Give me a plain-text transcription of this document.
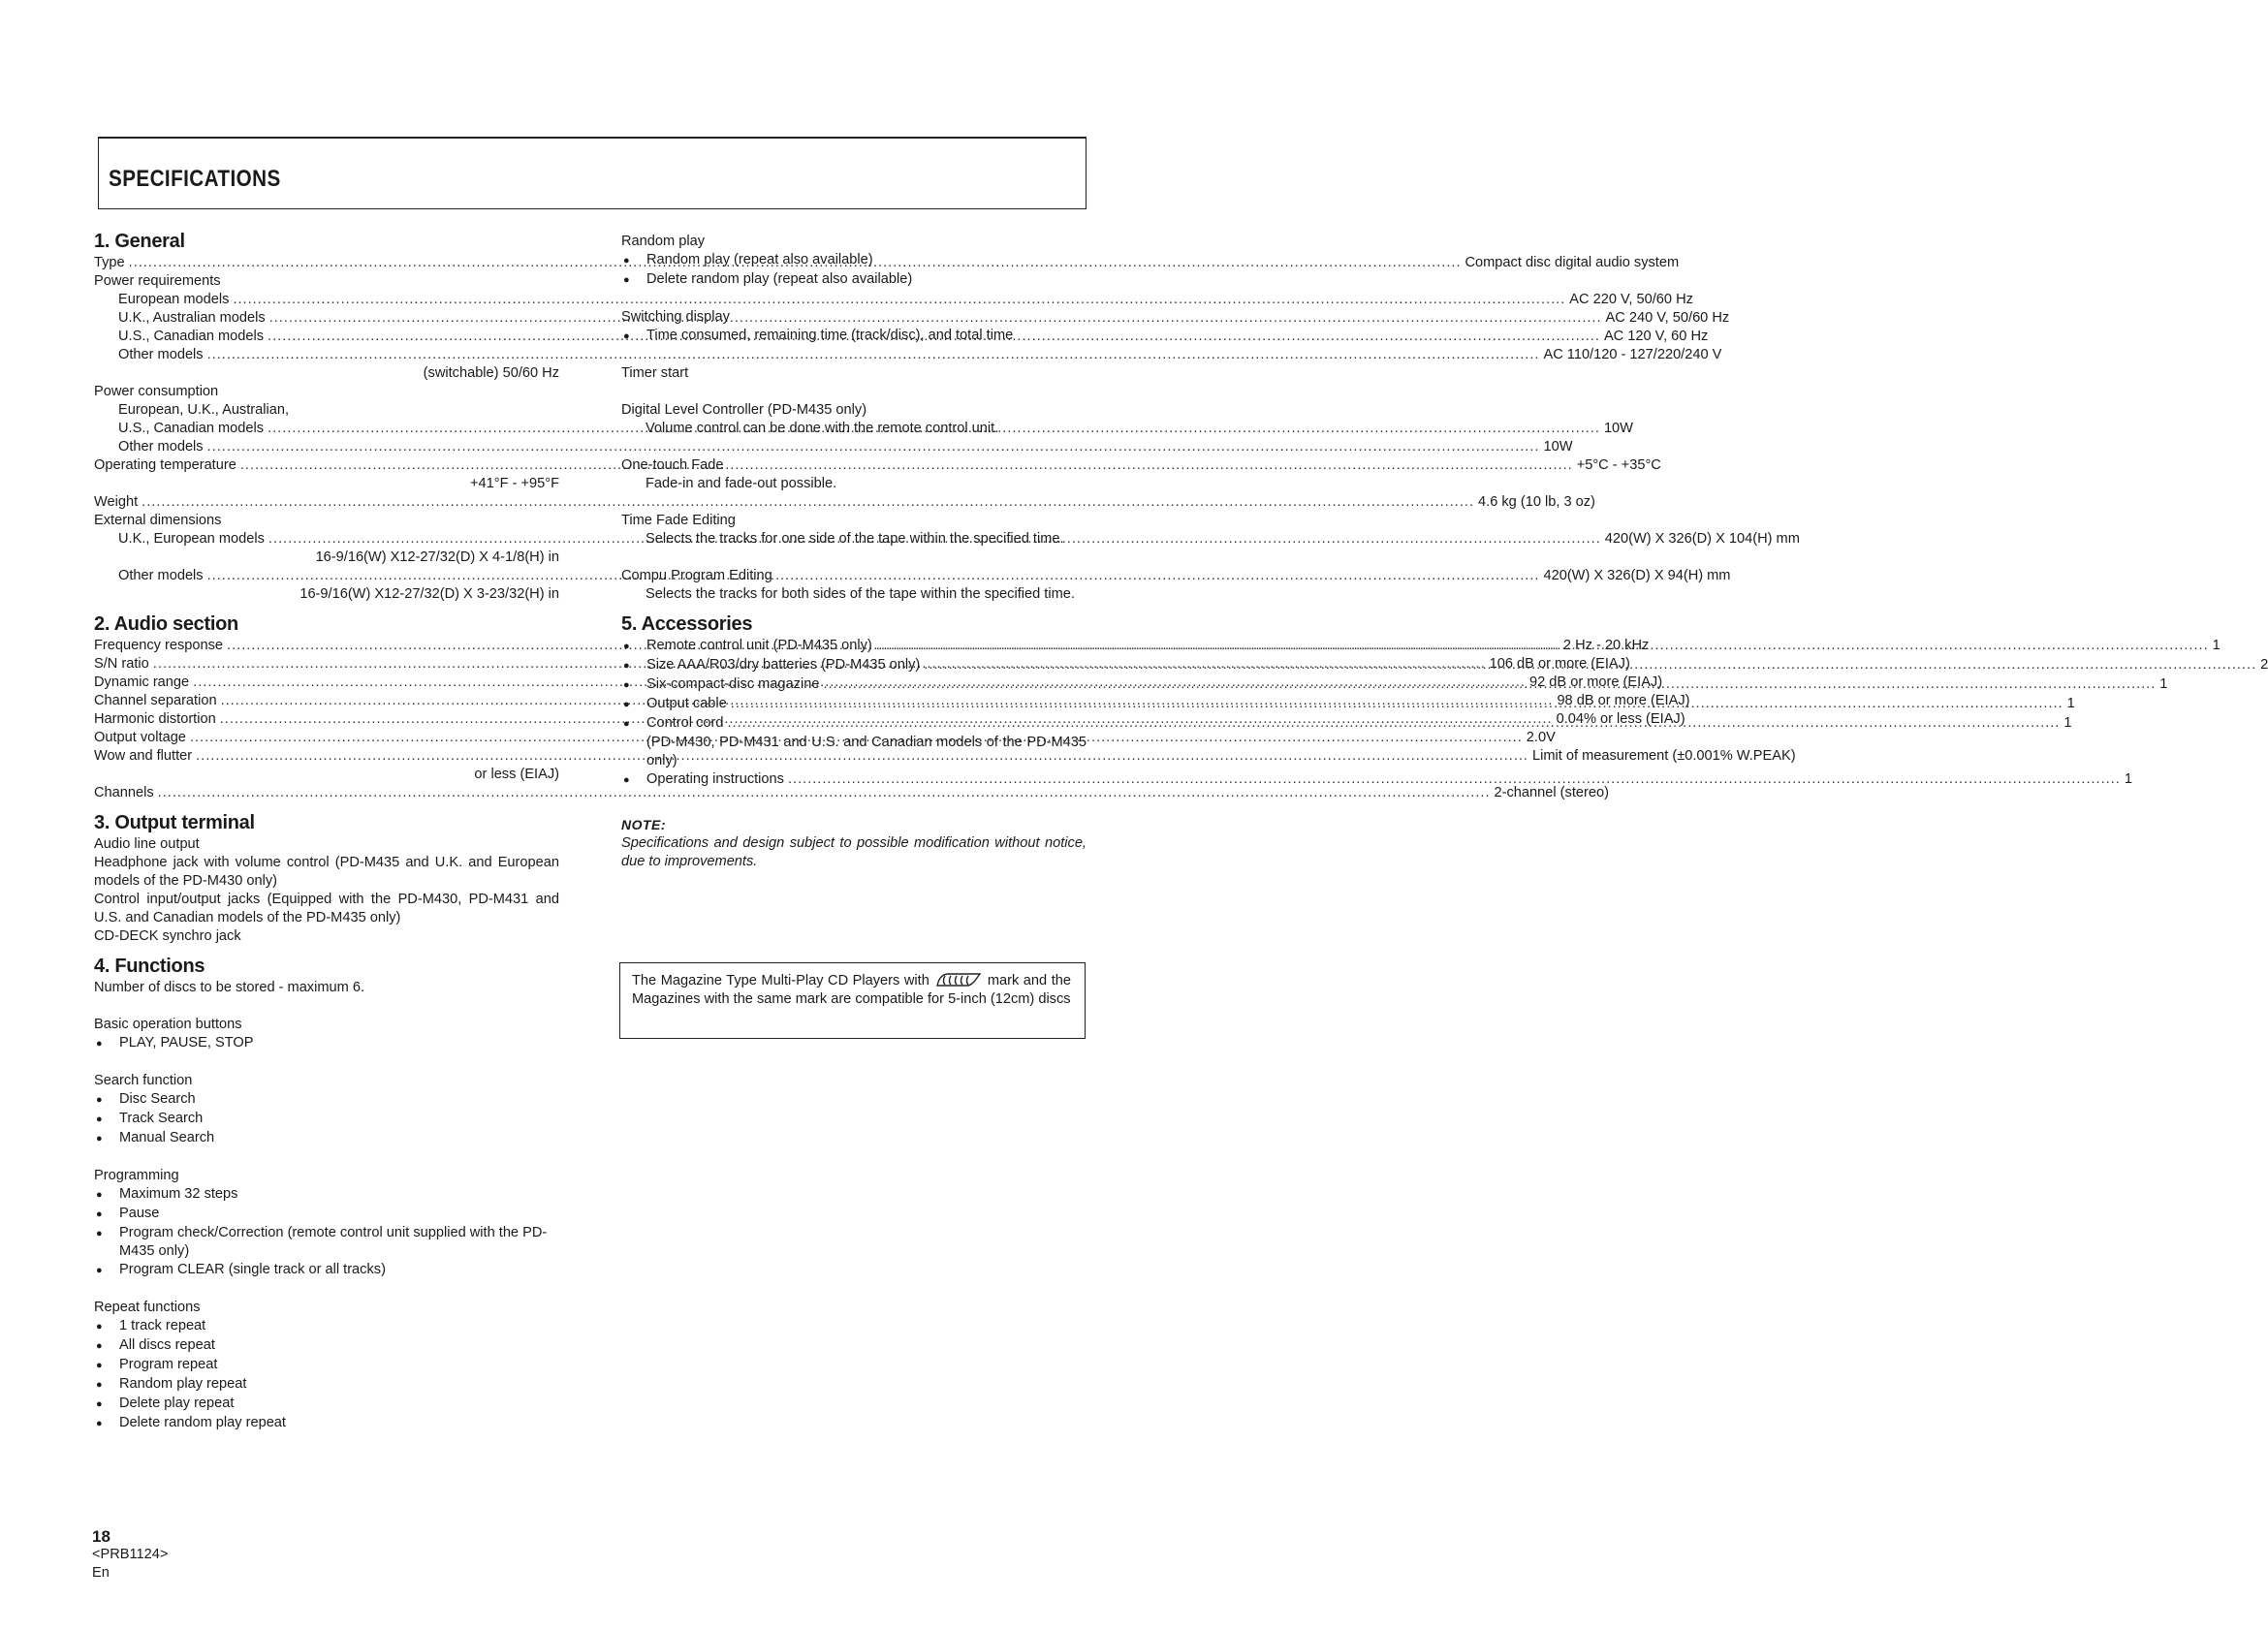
SPECIFICATIONS
1. General
Type .....	Compact disc digital audio system
Power requirements
European models .....	AC 220 V, 50/60 Hz
U.K., Australian models .....	AC 240 V, 50/60 Hz
U.S., Canadian models .....	AC 120 V, 60 Hz
Other models .....	AC 110/120 - 127/220/240 V
(switchable) 50/60 Hz
Power consumption
European, U.K., Australian,
U.S., Canadian models .....	10W
Other models .....	10W
Operating temperature .....	+5°C - +35°C
+41°F - +95°F
Weight .....	4.6 kg (10 lb, 3 oz)
External dimensions
U.K., European models .....	420(W) X 326(D) X 104(H) mm
16-9/16(W) X12-27/32(D) X 4-1/8(H) in
Other models .....	420(W) X 326(D) X 94(H) mm
16-9/16(W) X12-27/32(D) X 3-23/32(H) in
2. Audio section
Frequency response .....	2 Hz - 20 kHz
S/N ratio .....	106 dB or more (EIAJ)
Dynamic range .....	92 dB or more (EIAJ)
Channel separation .....	98 dB or more (EIAJ)
Harmonic distortion .....	0.04% or less (EIAJ)
Output voltage .....	2.0V
Wow and flutter .....	Limit of measurement (±0.001% W.PEAK)
or less (EIAJ)
Channels .....	2-channel (stereo)
3. Output terminal
Audio line output
Headphone jack with volume control (PD-M435 and U.K. and European models of the PD-M430 only)
Control input/output jacks (Equipped with the PD-M430, PD-M431 and U.S. and Canadian models of the PD-M435 only)
CD-DECK synchro jack
4. Functions
Number of discs to be stored - maximum 6.
Basic operation buttons
●	PLAY, PAUSE, STOP
Search function
●	Disc Search
●	Track Search
●	Manual Search
Programming
●	Maximum 32 steps
●	Pause
●	Program check/Correction (remote control unit supplied with the PD-M435 only)
●	Program CLEAR (single track or all tracks)
Repeat functions
●	1 track repeat
●	All discs repeat
●	Program repeat
●	Random play repeat
●	Delete play repeat
●	Delete random play repeat
Random play
●	Random play (repeat also available)
●	Delete random play (repeat also available)
Switching display
●	Time consumed, remaining time (track/disc), and total time
Timer start
Digital Level Controller (PD-M435 only)
Volume control can be done with the remote control unit.
One-touch Fade
Fade-in and fade-out possible.
Time Fade Editing
Selects the tracks for one side of the tape within the specified time.
Compu Program Editing
Selects the tracks for both sides of the tape within the specified time.
5. Accessories
●	Remote control unit (PD-M435 only) .....	1
●	Size AAA/R03/dry batteries (PD-M435 only) .....	2
●	Six-compact-disc magazine .....	1
●	Output cable .....	1
●	Control cord .....	1
(PD-M430, PD-M431 and U.S. and Canadian models of the PD-M435 only)
●	Operating instructions .....	1
NOTE:
Specifications and design subject to possible modification without notice, due to improvements.
The Magazine Type Multi-Play CD Players with	mark and the Magazines with the same mark are compatible for 5-inch (12cm) discs
18
<PRB1124>
En
